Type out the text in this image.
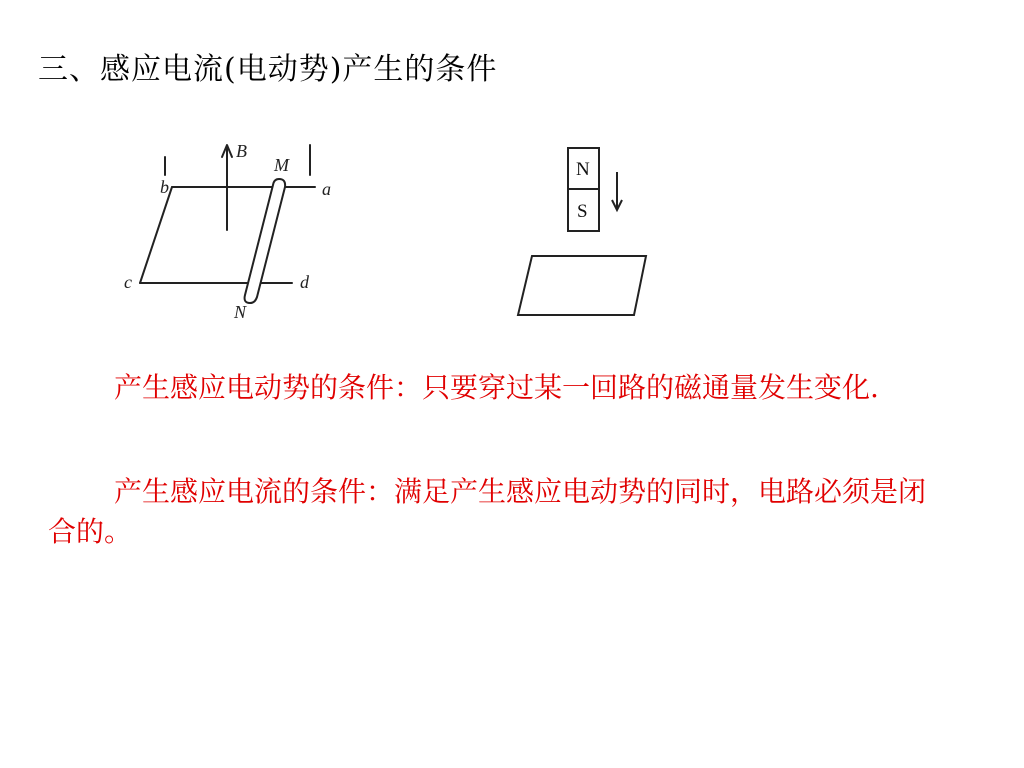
三、感应电流(电动势)产生的条件
B
M
a
b
c	d
N
N
S

产生感应电动势的条件：只要穿过某一回路的磁通量发生变化.

产生感应电流的条件：满足产生感应电动势的同时，电路必须是闭合的。
